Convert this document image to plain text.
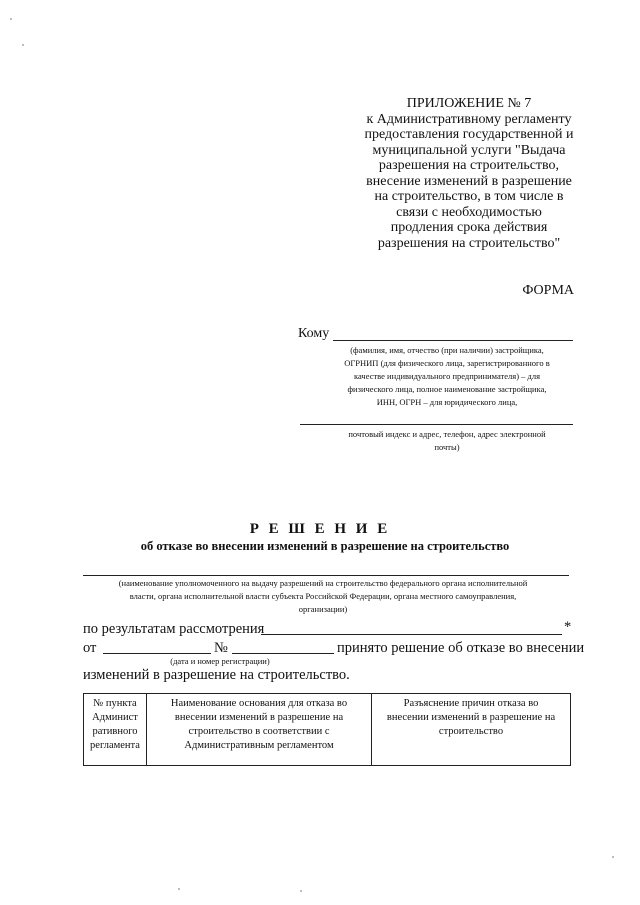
ПРИЛОЖЕНИЕ № 7
к Административному регламенту
предоставления государственной и
муниципальной услуги "Выдача
разрешения на строительство,
внесение изменений в разрешение
на строительство, в том числе в
связи с необходимостью
продления срока действия
разрешения на строительство"
ФОРМА
Кому
(фамилия, имя, отчество (при наличии) застройщика,
ОГРНИП (для физического лица, зарегистрированного в
качестве индивидуального предпринимателя) – для
физического лица, полное наименование застройщика,
ИНН, ОГРН – для юридического лица,
почтовый индекс и адрес, телефон, адрес электронной
почты)
Р Е Ш Е Н И Е
об отказе во внесении изменений в разрешение на строительство
(наименование уполномоченного на выдачу разрешений на строительство федерального органа исполнительной
власти, органа исполнительной власти субъекта Российской Федерации, органа местного самоуправления,
организации)
по результатам рассмотрения	*
от	№	принято решение об отказе во внесении
(дата и номер регистрации)
изменений в разрешение на строительство.
№ пункта
Админист
ративного
регламента

Наименование основания для отказа во
внесении изменений в разрешение на
строительство в соответствии с
Административным регламентом

Разъяснение причин отказа во
внесении изменений в разрешение на
строительство
